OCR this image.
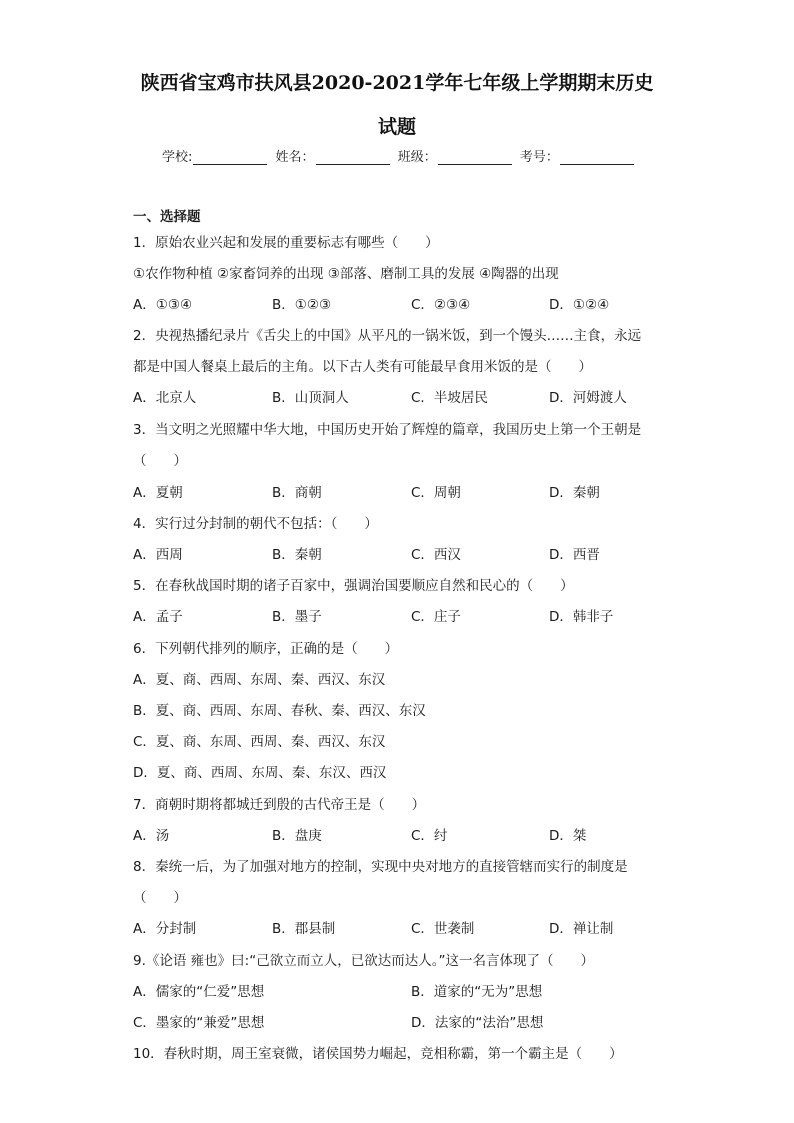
陕西省宝鸡市扶风县2020-2021学年七年级上学期期末历史
试题
学校:	姓名：	班级：	考号：
一、选择题
1．原始农业兴起和发展的重要标志有哪些（　　）
①农作物种植 ②家畜饲养的出现 ③部落、磨制工具的发展 ④陶器的出现
A．①③④	B．①②③	C．②③④	D．①②④
2．央视热播纪录片《舌尖上的中国》从平凡的一锅米饭，到一个馒头……主食，永远
都是中国人餐桌上最后的主角。以下古人类有可能最早食用米饭的是（　　）
A．北京人	B．山顶洞人	C．半坡居民	D．河姆渡人
3．当文明之光照耀中华大地，中国历史开始了辉煌的篇章，我国历史上第一个王朝是
（　　）
A．夏朝	B．商朝	C．周朝	D．秦朝
4．实行过分封制的朝代不包括：（　　）
A．西周	B．秦朝	C．西汉	D．西晋
5．在春秋战国时期的诸子百家中，强调治国要顺应自然和民心的（　　）
A．孟子	B．墨子	C．庄子	D．韩非子
6．下列朝代排列的顺序，正确的是（　　）
A．夏、商、西周、东周、秦、西汉、东汉
B．夏、商、西周、东周、春秋、秦、西汉、东汉
C．夏、商、东周、西周、秦、西汉、东汉
D．夏、商、西周、东周、秦、东汉、西汉
7．商朝时期将都城迁到殷的古代帝王是（　　）
A．汤	B．盘庚	C．纣	D．桀
8．秦统一后，为了加强对地方的控制，实现中央对地方的直接管辖而实行的制度是
（　　）
A．分封制	B．郡县制	C．世袭制	D．禅让制
9.《论语 雍也》曰:“己欲立而立人，已欲达而达人。”这一名言体现了（　　）
A．儒家的“仁爱”思想	B．道家的“无为”思想
C．墨家的“兼爱”思想	D．法家的“法治”思想
10．春秋时期，周王室衰微，诸侯国势力崛起，竞相称霸，第一个霸主是（　　）
